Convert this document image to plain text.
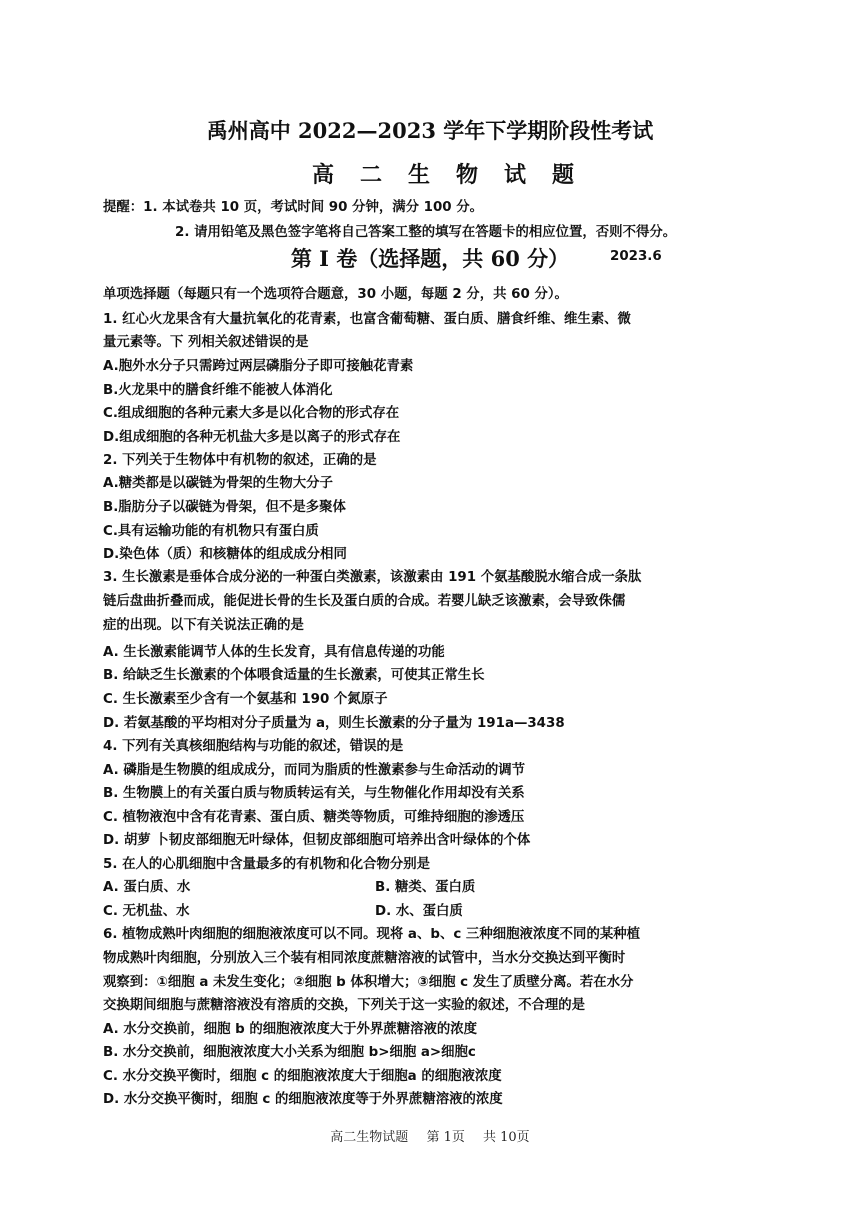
禹州高中 2022—2023 学年下学期阶段性考试
高二生物试题
提醒：1. 本试卷共 10 页，考试时间 90 分钟，满分 100 分。
2. 请用铅笔及黑色签字笔将自己答案工整的填写在答题卡的相应位置，否则不得分。
2023.6
第 I 卷（选择题，共 60 分）
单项选择题（每题只有一个选项符合题意，30 小题，每题 2 分，共 60 分）。
1. 红心火龙果含有大量抗氧化的花青素，也富含葡萄糖、蛋白质、膳食纤维、维生素、微
量元素等。下 列相关叙述错误的是
A.胞外水分子只需跨过两层磷脂分子即可接触花青素
B.火龙果中的膳食纤维不能被人体消化
C.组成细胞的各种元素大多是以化合物的形式存在
D.组成细胞的各种无机盐大多是以离子的形式存在
2. 下列关于生物体中有机物的叙述，正确的是
A.糖类都是以碳链为骨架的生物大分子
B.脂肪分子以碳链为骨架，但不是多聚体
C.具有运输功能的有机物只有蛋白质
D.染色体（质）和核糖体的组成成分相同
3. 生长激素是垂体合成分泌的一种蛋白类激素，该激素由 191 个氨基酸脱水缩合成一条肽
链后盘曲折叠而成，能促进长骨的生长及蛋白质的合成。若婴儿缺乏该激素，会导致侏儒
症的出现。以下有关说法正确的是
A. 生长激素能调节人体的生长发育，具有信息传递的功能
B. 给缺乏生长激素的个体喂食适量的生长激素，可使其正常生长
C. 生长激素至少含有一个氨基和 190 个氮原子
D. 若氨基酸的平均相对分子质量为 a，则生长激素的分子量为 191a—3438
4. 下列有关真核细胞结构与功能的叙述，错误的是
A. 磷脂是生物膜的组成成分，而同为脂质的性激素参与生命活动的调节
B. 生物膜上的有关蛋白质与物质转运有关，与生物催化作用却没有关系
C. 植物液泡中含有花青素、蛋白质、糖类等物质，可维持细胞的渗透压
D. 胡萝 卜韧皮部细胞无叶绿体，但韧皮部细胞可培养出含叶绿体的个体
5. 在人的心肌细胞中含量最多的有机物和化合物分别是
A. 蛋白质、水	B. 糖类、蛋白质
C. 无机盐、水	D. 水、蛋白质
6. 植物成熟叶肉细胞的细胞液浓度可以不同。现将 a、b、c 三种细胞液浓度不同的某种植
物成熟叶肉细胞，分别放入三个装有相同浓度蔗糖溶液的试管中，当水分交换达到平衡时
观察到：①细胞 a 未发生变化；②细胞 b 体积增大；③细胞 c 发生了质壁分离。若在水分
交换期间细胞与蔗糖溶液没有溶质的交换，下列关于这一实验的叙述，不合理的是
A. 水分交换前，细胞 b 的细胞液浓度大于外界蔗糖溶液的浓度
B. 水分交换前，细胞液浓度大小关系为细胞 b>细胞 a>细胞c
C. 水分交换平衡时，细胞 c 的细胞液浓度大于细胞a 的细胞液浓度
D. 水分交换平衡时，细胞 c 的细胞液浓度等于外界蔗糖溶液的浓度
高二生物试题 第 1页 共 10页
